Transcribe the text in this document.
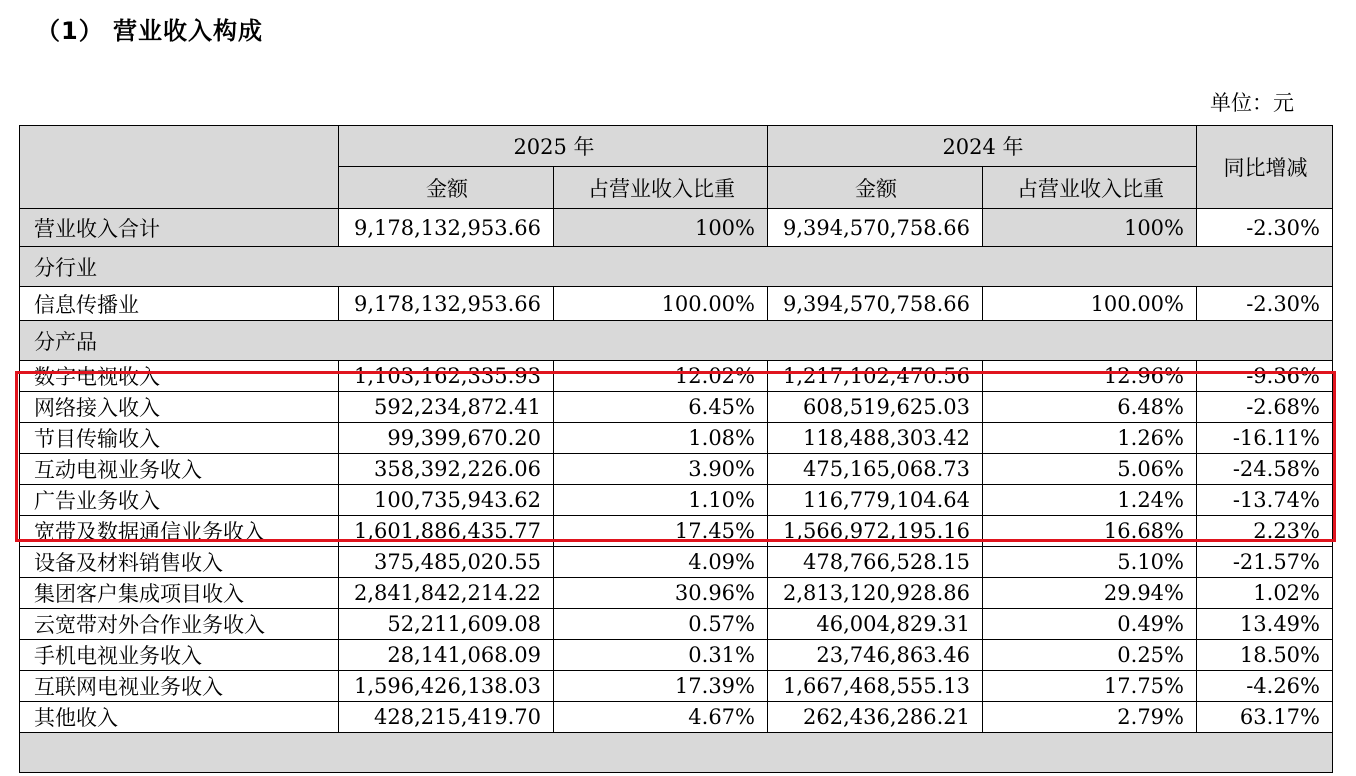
（1） 营业收入构成
单位：元
	2025 年		2024 年		同比增减
	金额	占营业收入比重	金额	占营业收入比重	
营业收入合计	9,178,132,953.66	100%	9,394,570,758.66	100%	-2.30%
分行业					
信息传播业	9,178,132,953.66	100.00%	9,394,570,758.66	100.00%	-2.30%
分产品					
数字电视收入	1,103,162,335.93	12.02%	1,217,102,470.56	12.96%	-9.36%
网络接入收入	592,234,872.41	6.45%	608,519,625.03	6.48%	-2.68%
节目传输收入	99,399,670.20	1.08%	118,488,303.42	1.26%	-16.11%
互动电视业务收入	358,392,226.06	3.90%	475,165,068.73	5.06%	-24.58%
广告业务收入	100,735,943.62	1.10%	116,779,104.64	1.24%	-13.74%
宽带及数据通信业务收入	1,601,886,435.77	17.45%	1,566,972,195.16	16.68%	2.23%
设备及材料销售收入	375,485,020.55	4.09%	478,766,528.15	5.10%	-21.57%
集团客户集成项目收入	2,841,842,214.22	30.96%	2,813,120,928.86	29.94%	1.02%
云宽带对外合作业务收入	52,211,609.08	0.57%	46,004,829.31	0.49%	13.49%
手机电视业务收入	28,141,068.09	0.31%	23,746,863.46	0.25%	18.50%
互联网电视业务收入	1,596,426,138.03	17.39%	1,667,468,555.13	17.75%	-4.26%
其他收入	428,215,419.70	4.67%	262,436,286.21	2.79%	63.17%
